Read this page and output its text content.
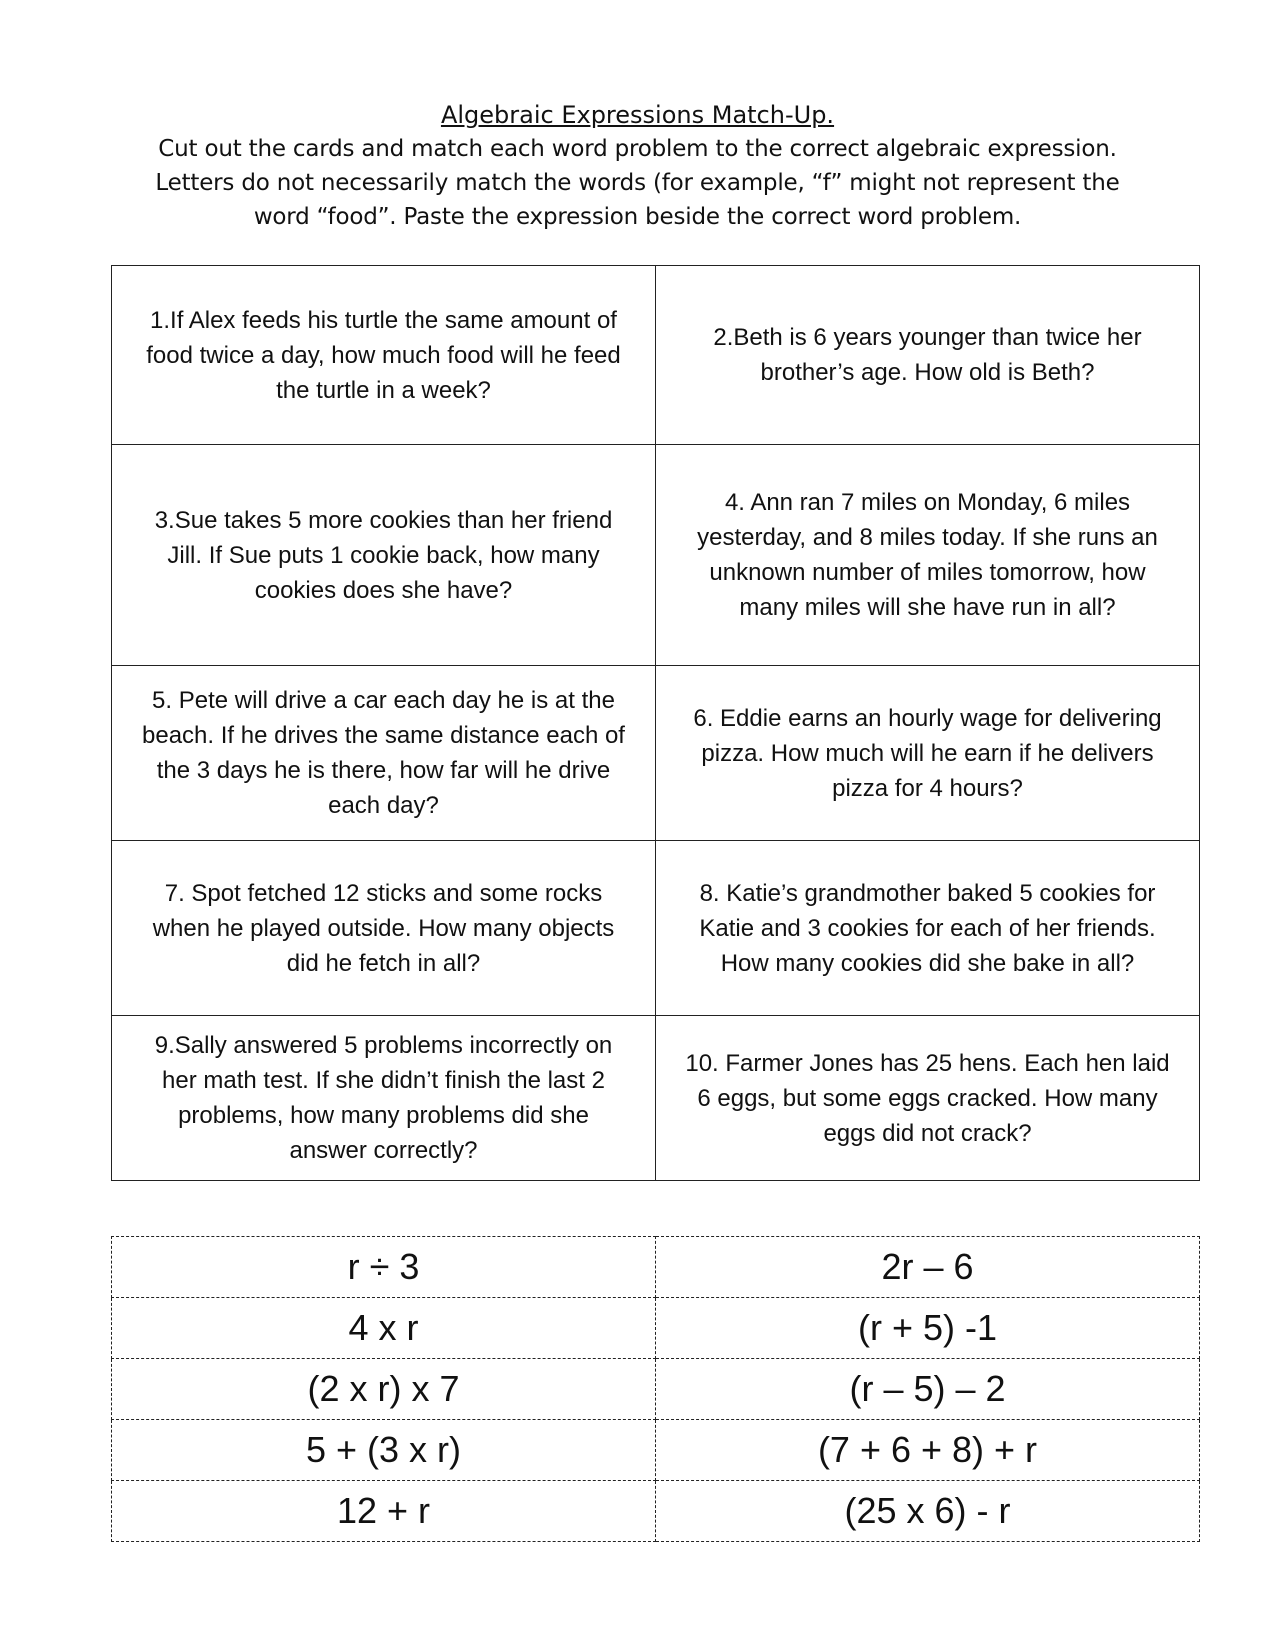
Algebraic Expressions Match-Up.

Cut out the cards and match each word problem to the correct algebraic expression.

Letters do not necessarily match the words (for example, “f” might not represent the

word “food”. Paste the expression beside the correct word problem.

1.If Alex feeds his turtle the same amount of food twice a day, how much food will he feed the turtle in a week?	2.Beth is 6 years younger than twice her brother’s age. How old is Beth?
3.Sue takes 5 more cookies than her friend Jill. If Sue puts 1 cookie back, how many cookies does she have?	4. Ann ran 7 miles on Monday, 6 miles yesterday, and 8 miles today. If she runs an unknown number of miles tomorrow, how many miles will she have run in all?
5. Pete will drive a car each day he is at the beach. If he drives the same distance each of the 3 days he is there, how far will he drive each day?	6. Eddie earns an hourly wage for delivering pizza. How much will he earn if he delivers pizza for 4 hours?
7. Spot fetched 12 sticks and some rocks when he played outside. How many objects did he fetch in all?	8. Katie’s grandmother baked 5 cookies for Katie and 3 cookies for each of her friends. How many cookies did she bake in all?
9.Sally answered 5 problems incorrectly on her math test. If she didn’t finish the last 2 problems, how many problems did she answer correctly?	10. Farmer Jones has 25 hens. Each hen laid 6 eggs, but some eggs cracked. How many eggs did not crack?
r ÷ 3	2r – 6
4 x r	(r + 5) -1
(2 x r) x 7	(r – 5) – 2
5 + (3 x r)	(7 + 6 + 8) + r
12 + r	(25 x 6) - r
